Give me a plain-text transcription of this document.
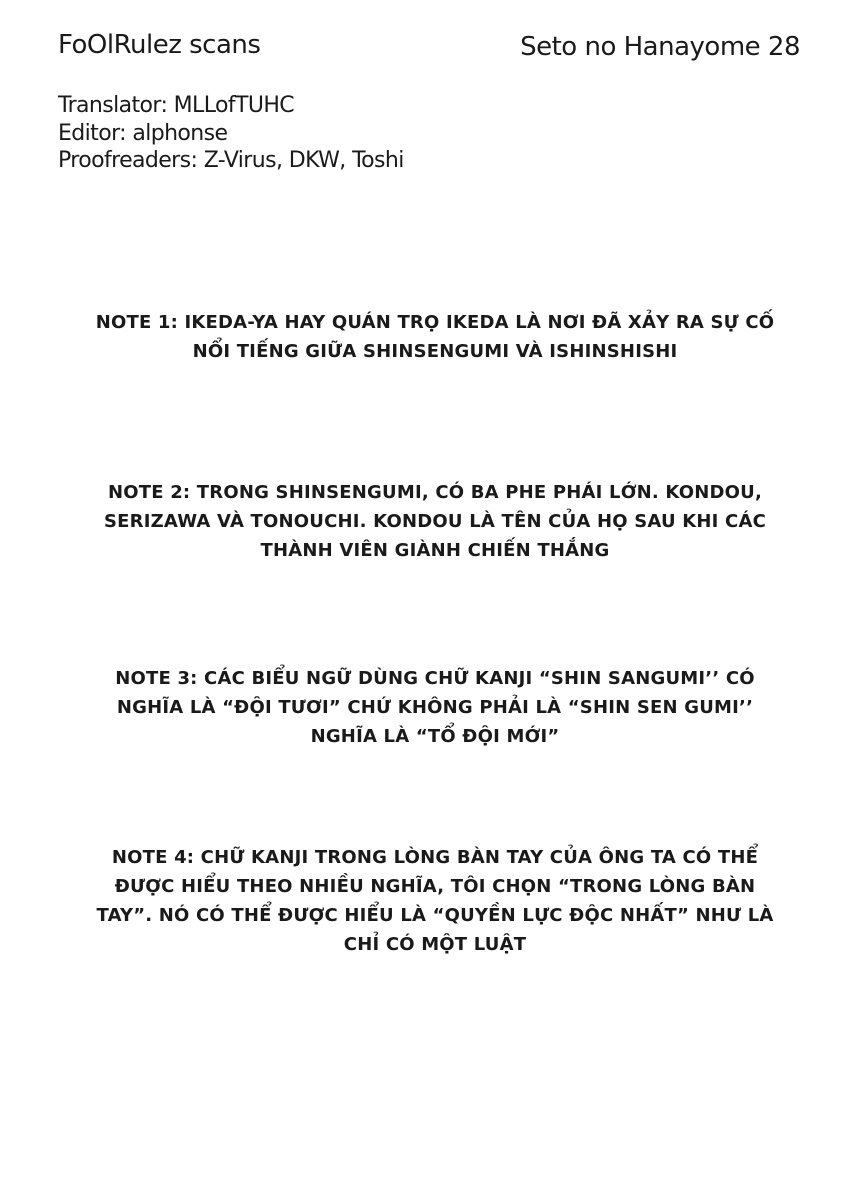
FoOlRulez scans	Seto no Hanayome 28
Translator: MLLofTUHC
Editor: alphonse
Proofreaders: Z-Virus, DKW, Toshi
NOTE 1: IKEDA-YA HAY QUÁN TRỌ IKEDA LÀ NƠI ĐÃ XẢY RA SỰ CỐ
NỔI TIẾNG GIỮA SHINSENGUMI VÀ ISHINSHISHI
NOTE 2: TRONG SHINSENGUMI, CÓ BA PHE PHÁI LỚN. KONDOU,
SERIZAWA VÀ TONOUCHI. KONDOU LÀ TÊN CỦA HỌ SAU KHI CÁC
THÀNH VIÊN GIÀNH CHIẾN THẮNG
NOTE 3: CÁC BIỂU NGỮ DÙNG CHỮ KANJI “SHIN SANGUMI’’ CÓ
NGHĨA LÀ “ĐỘI TƯƠI” CHỨ KHÔNG PHẢI LÀ “SHIN SEN GUMI’’
NGHĨA LÀ “TỔ ĐỘI MỚI”
NOTE 4: CHỮ KANJI TRONG LÒNG BÀN TAY CỦA ÔNG TA CÓ THỂ
ĐƯỢC HIỂU THEO NHIỀU NGHĨA, TÔI CHỌN “TRONG LÒNG BÀN
TAY”. NÓ CÓ THỂ ĐƯỢC HIỂU LÀ “QUYỀN LỰC ĐỘC NHẤT” NHƯ LÀ
CHỈ CÓ MỘT LUẬT
